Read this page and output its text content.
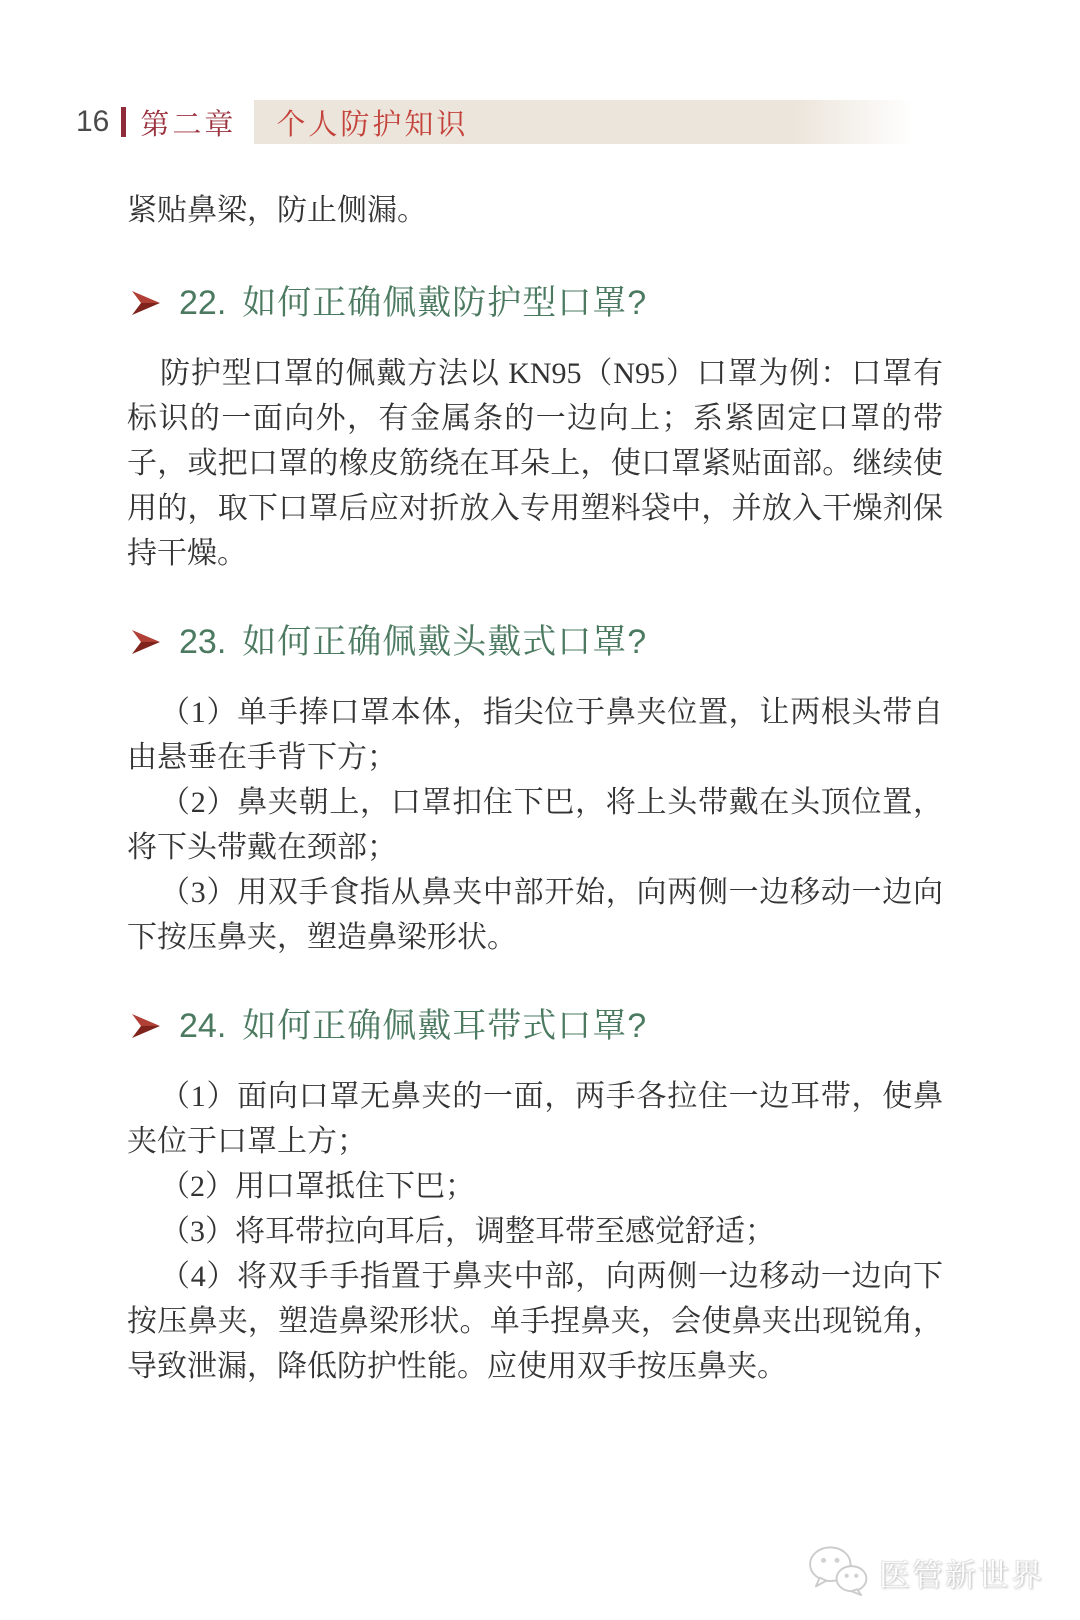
16 第二章	个人防护知识

紧贴鼻梁，防止侧漏。

22. 如何正确佩戴防护型口罩?

防护型口罩的佩戴方法以 KN95（N95）口罩为例：口罩有标识的一面向外，有金属条的一边向上；系紧固定口罩的带子，或把口罩的橡皮筋绕在耳朵上，使口罩紧贴面部。继续使用的，取下口罩后应对折放入专用塑料袋中，并放入干燥剂保持干燥。

23. 如何正确佩戴头戴式口罩?

（1）单手捧口罩本体，指尖位于鼻夹位置，让两根头带自由悬垂在手背下方；

（2）鼻夹朝上，口罩扣住下巴，将上头带戴在头顶位置，将下头带戴在颈部；

（3）用双手食指从鼻夹中部开始，向两侧一边移动一边向下按压鼻夹，塑造鼻梁形状。

24. 如何正确佩戴耳带式口罩?

（1）面向口罩无鼻夹的一面，两手各拉住一边耳带，使鼻夹位于口罩上方；

（2）用口罩抵住下巴；

（3）将耳带拉向耳后，调整耳带至感觉舒适；

（4）将双手手指置于鼻夹中部，向两侧一边移动一边向下按压鼻夹，塑造鼻梁形状。单手捏鼻夹，会使鼻夹出现锐角，导致泄漏，降低防护性能。应使用双手按压鼻夹。

医管新世界
